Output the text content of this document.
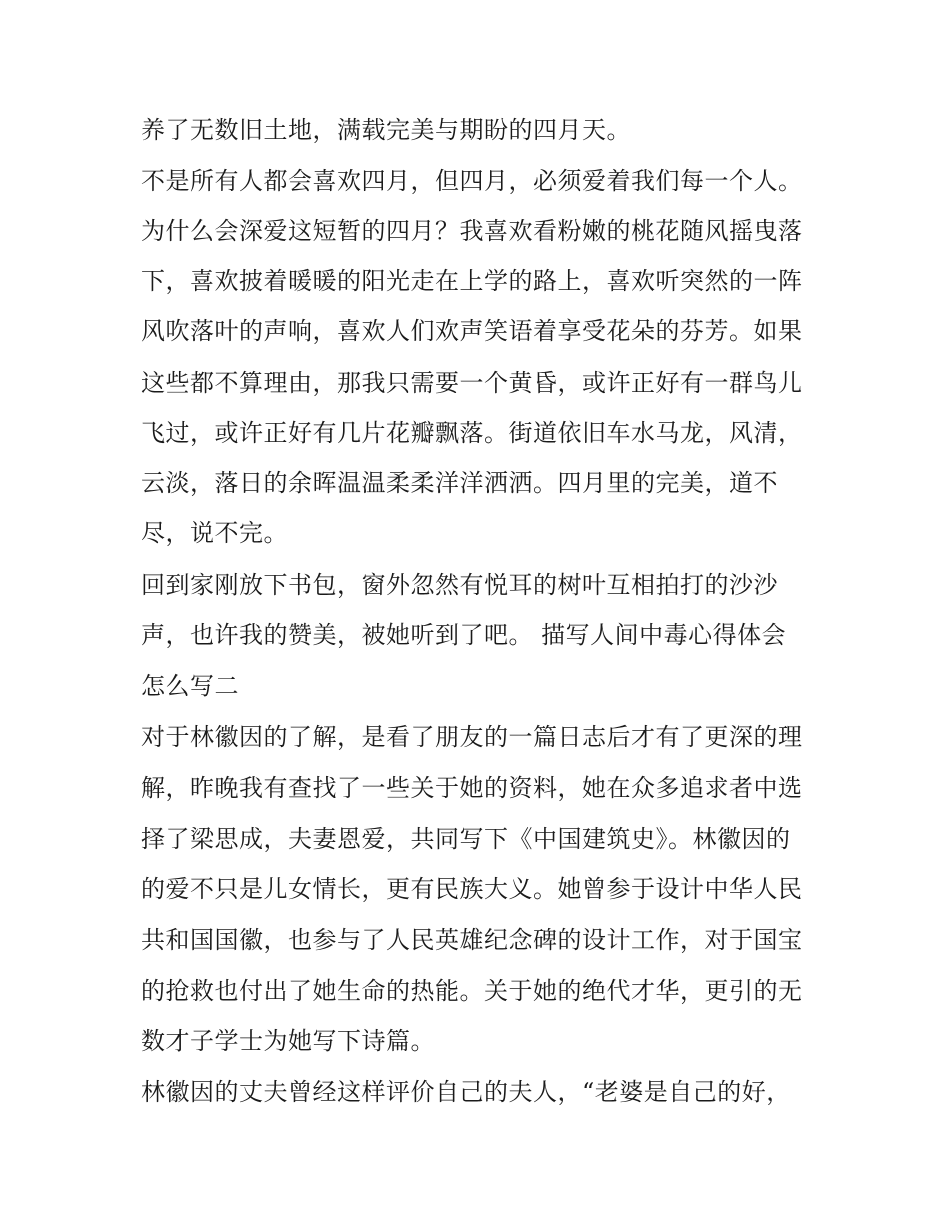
养了无数旧土地，满载完美与期盼的四月天。
不是所有人都会喜欢四月，但四月，必须爱着我们每一个人。
为什么会深爱这短暂的四月？我喜欢看粉嫩的桃花随风摇曳落
下，喜欢披着暖暖的阳光走在上学的路上，喜欢听突然的一阵
风吹落叶的声响，喜欢人们欢声笑语着享受花朵的芬芳。如果
这些都不算理由，那我只需要一个黄昏，或许正好有一群鸟儿
飞过，或许正好有几片花瓣飘落。街道依旧车水马龙，风清，
云淡，落日的余晖温温柔柔洋洋洒洒。四月里的完美，道不
尽，说不完。
回到家刚放下书包，窗外忽然有悦耳的树叶互相拍打的沙沙
声，也许我的赞美，被她听到了吧。 描写人间中毒心得体会
怎么写二
对于林徽因的了解，是看了朋友的一篇日志后才有了更深的理
解，昨晚我有查找了一些关于她的资料，她在众多追求者中选
择了梁思成，夫妻恩爱，共同写下《中国建筑史》。林徽因的
的爱不只是儿女情长，更有民族大义。她曾参于设计中华人民
共和国国徽，也参与了人民英雄纪念碑的设计工作，对于国宝
的抢救也付出了她生命的热能。关于她的绝代才华，更引的无
数才子学士为她写下诗篇。
林徽因的丈夫曾经这样评价自己的夫人，“老婆是自己的好，
